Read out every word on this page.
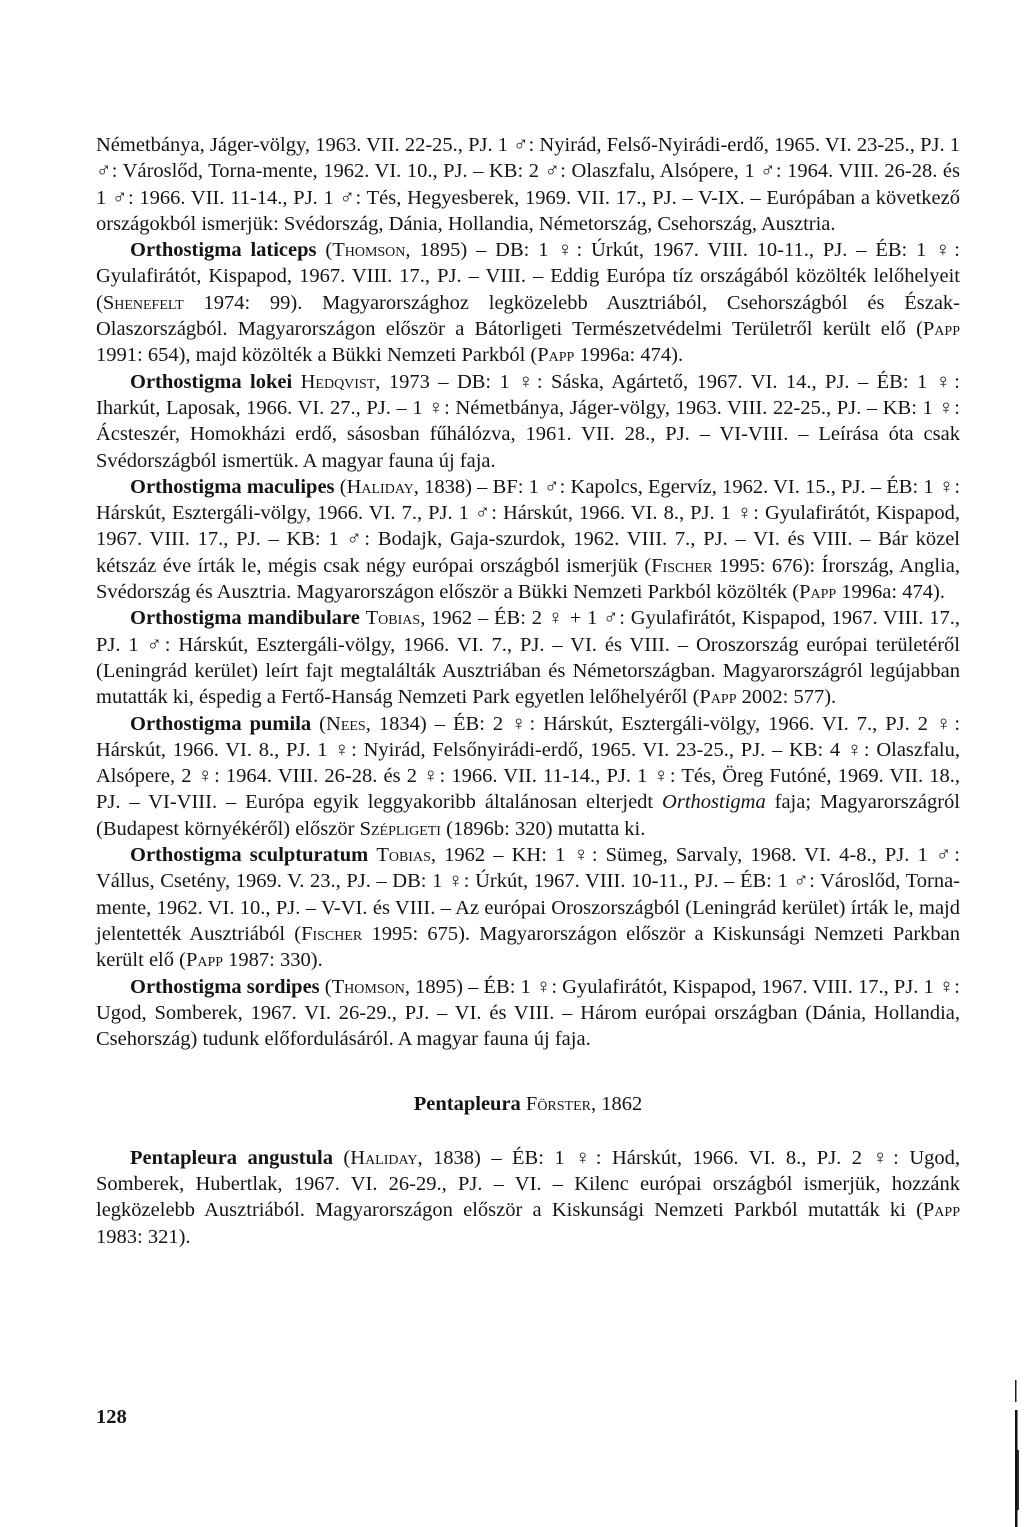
Németbánya, Jáger-völgy, 1963. VII. 22-25., PJ. 1 ♂: Nyirád, Felső-Nyirádi-erdő, 1965. VI. 23-25., PJ. 1 ♂: Városlőd, Torna-mente, 1962. VI. 10., PJ. – KB: 2 ♂: Olaszfalu, Alsópere, 1 ♂: 1964. VIII. 26-28. és 1 ♂: 1966. VII. 11-14., PJ. 1 ♂: Tés, Hegyesberek, 1969. VII. 17., PJ. – V-IX. – Európában a következő országokból ismerjük: Svédország, Dánia, Hollandia, Németország, Csehország, Ausztria.

Orthostigma laticeps (Thomson, 1895) – DB: 1 ♀: Úrkút, 1967. VIII. 10-11., PJ. – ÉB: 1 ♀: Gyulafirátót, Kispapod, 1967. VIII. 17., PJ. – VIII. – Eddig Európa tíz országából közölték lelőhelyeit (Shenefelt 1974: 99). Magyarországhoz legközelebb Ausztriából, Csehországból és Észak-Olaszországból. Magyarországon először a Bátorligeti Természetvédelmi Területről került elő (Papp 1991: 654), majd közölték a Bükki Nemzeti Parkból (Papp 1996a: 474).

Orthostigma lokei Hedqvist, 1973 – DB: 1 ♀: Sáska, Agártető, 1967. VI. 14., PJ. – ÉB: 1 ♀: Iharkút, Laposak, 1966. VI. 27., PJ. – 1 ♀: Németbánya, Jáger-völgy, 1963. VIII. 22-25., PJ. – KB: 1 ♀: Ácsteszér, Homokházi erdő, sásosban fűhálózva, 1961. VII. 28., PJ. – VI-VIII. – Leírása óta csak Svédországból ismertük. A magyar fauna új faja.

Orthostigma maculipes (Haliday, 1838) – BF: 1 ♂: Kapolcs, Egervíz, 1962. VI. 15., PJ. – ÉB: 1 ♀: Hárskút, Esztergáli-völgy, 1966. VI. 7., PJ. 1 ♂: Hárskút, 1966. VI. 8., PJ. 1 ♀: Gyulafirátót, Kispapod, 1967. VIII. 17., PJ. – KB: 1 ♂: Bodajk, Gaja-szurdok, 1962. VIII. 7., PJ. – VI. és VIII. – Bár közel kétszáz éve írták le, mégis csak négy európai országból ismerjük (Fischer 1995: 676): Írország, Anglia, Svédország és Ausztria. Magyarországon először a Bükki Nemzeti Parkból közölték (Papp 1996a: 474).

Orthostigma mandibulare Tobias, 1962 – ÉB: 2 ♀ + 1 ♂: Gyulafirátót, Kispapod, 1967. VIII. 17., PJ. 1 ♂: Hárskút, Esztergáli-völgy, 1966. VI. 7., PJ. – VI. és VIII. – Oroszország európai területéről (Leningrád kerület) leírt fajt megtalálták Ausztriában és Németországban. Magyarországról legújabban mutatták ki, éspedig a Fertő-Hanság Nemzeti Park egyetlen lelőhelyéről (Papp 2002: 577).

Orthostigma pumila (Nees, 1834) – ÉB: 2 ♀: Hárskút, Esztergáli-völgy, 1966. VI. 7., PJ. 2 ♀: Hárskút, 1966. VI. 8., PJ. 1 ♀: Nyirád, Felsőnyirádi-erdő, 1965. VI. 23-25., PJ. – KB: 4 ♀: Olaszfalu, Alsópere, 2 ♀: 1964. VIII. 26-28. és 2 ♀: 1966. VII. 11-14., PJ. 1 ♀: Tés, Öreg Futóné, 1969. VII. 18., PJ. – VI-VIII. – Európa egyik leggyakoribb általánosan elterjedt Orthostigma faja; Magyarországról (Budapest környékéről) először Szépligeti (1896b: 320) mutatta ki.

Orthostigma sculpturatum Tobias, 1962 – KH: 1 ♀: Sümeg, Sarvaly, 1968. VI. 4-8., PJ. 1 ♂: Vállus, Csetény, 1969. V. 23., PJ. – DB: 1 ♀: Úrkút, 1967. VIII. 10-11., PJ. – ÉB: 1 ♂: Városlőd, Torna-mente, 1962. VI. 10., PJ. – V-VI. és VIII. – Az európai Oroszországból (Leningrád kerület) írták le, majd jelentették Ausztriából (Fischer 1995: 675). Magyarországon először a Kiskunsági Nemzeti Parkban került elő (Papp 1987: 330).

Orthostigma sordipes (Thomson, 1895) – ÉB: 1 ♀: Gyulafirátót, Kispapod, 1967. VIII. 17., PJ. 1 ♀: Ugod, Somberek, 1967. VI. 26-29., PJ. – VI. és VIII. – Három európai országban (Dánia, Hollandia, Csehország) tudunk előfordulásáról. A magyar fauna új faja.

Pentapleura Förster, 1862

Pentapleura angustula (Haliday, 1838) – ÉB: 1 ♀: Hárskút, 1966. VI. 8., PJ. 2 ♀: Ugod, Somberek, Hubertlak, 1967. VI. 26-29., PJ. – VI. – Kilenc európai országból ismerjük, hozzánk legközelebb Ausztriából. Magyarországon először a Kiskunsági Nemzeti Parkból mutatták ki (Papp 1983: 321).

128
